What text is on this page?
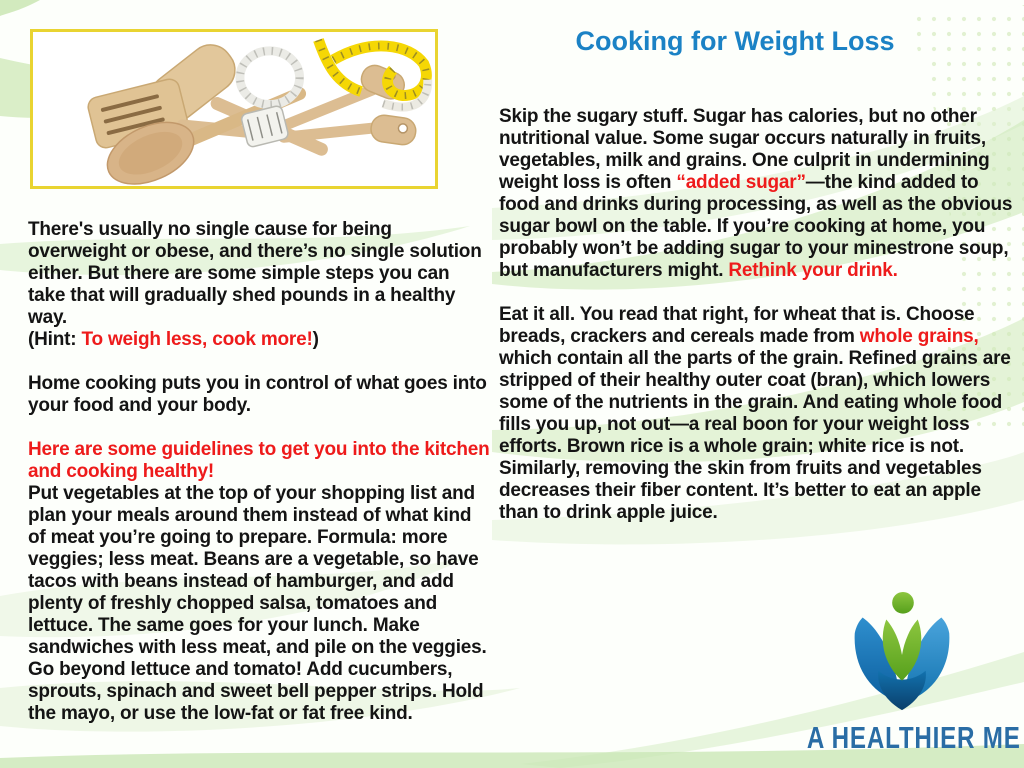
Cooking for Weight Loss

There's usually no single cause for being overweight or obese, and there’s no single solution either. But there are some simple steps you can take that will gradually shed pounds in a healthy way.
(Hint: To weigh less, cook more!)

Home cooking puts you in control of what goes into your food and your body.

Here are some guidelines to get you into the kitchen and cooking healthy!
Put vegetables at the top of your shopping list and plan your meals around them instead of what kind of meat you’re going to prepare. Formula: more veggies; less meat. Beans are a vegetable, so have tacos with beans instead of hamburger, and add plenty of freshly chopped salsa, tomatoes and lettuce. The same goes for your lunch. Make sandwiches with less meat, and pile on the veggies. Go beyond lettuce and tomato! Add cucumbers, sprouts, spinach and sweet bell pepper strips. Hold the mayo, or use the low-fat or fat free kind.

Skip the sugary stuff. Sugar has calories, but no other nutritional value. Some sugar occurs naturally in fruits, vegetables, milk and grains. One culprit in undermining weight loss is often “added sugar”—the kind added to food and drinks during processing, as well as the obvious sugar bowl on the table. If you’re cooking at home, you probably won’t be adding sugar to your minestrone soup, but manufacturers might. Rethink your drink.

Eat it all. You read that right, for wheat that is. Choose breads, crackers and cereals made from whole grains, which contain all the parts of the grain. Refined grains are stripped of their healthy outer coat (bran), which lowers some of the nutrients in the grain. And eating whole food fills you up, not out—a real boon for your weight loss efforts. Brown rice is a whole grain; white rice is not. Similarly, removing the skin from fruits and vegetables decreases their fiber content. It’s better to eat an apple than to drink apple juice.

A HEALTHIER ME
